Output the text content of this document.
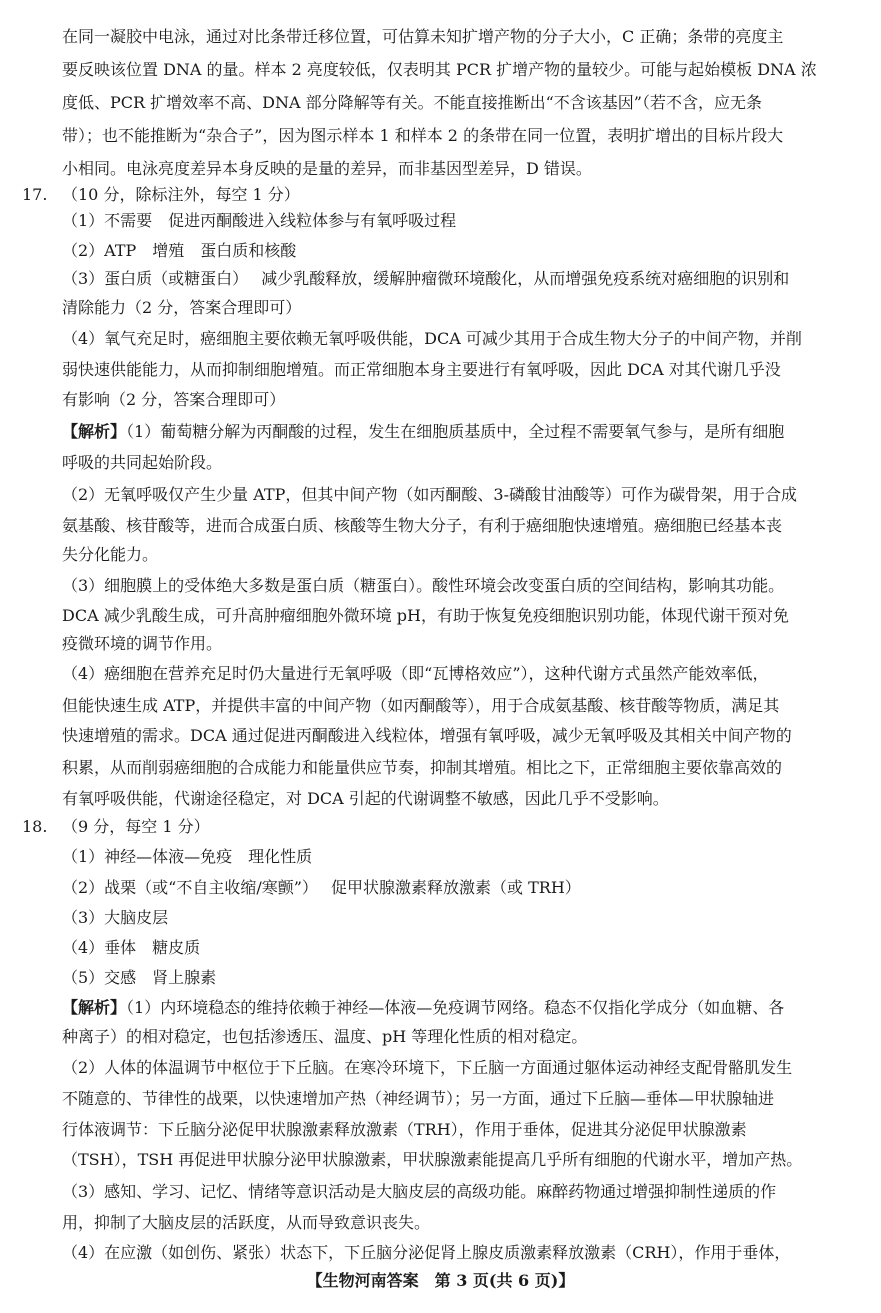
在同一凝胶中电泳，通过对比条带迁移位置，可估算未知扩增产物的分子大小，C 正确；条带的亮度主
要反映该位置 DNA 的量。样本 2 亮度较低，仅表明其 PCR 扩增产物的量较少。可能与起始模板 DNA 浓
度低、PCR 扩增效率不高、DNA 部分降解等有关。不能直接推断出“不含该基因”（若不含，应无条
带）；也不能推断为“杂合子”，因为图示样本 1 和样本 2 的条带在同一位置，表明扩增出的目标片段大
小相同。电泳亮度差异本身反映的是量的差异，而非基因型差异，D 错误。
17. （10 分，除标注外，每空 1 分）
（1）不需要　促进丙酮酸进入线粒体参与有氧呼吸过程
（2）ATP　增殖　蛋白质和核酸
（3）蛋白质（或糖蛋白）　 减少乳酸释放，缓解肿瘤微环境酸化，从而增强免疫系统对癌细胞的识别和
清除能力（2 分，答案合理即可）
（4）氧气充足时，癌细胞主要依赖无氧呼吸供能，DCA 可减少其用于合成生物大分子的中间产物，并削
弱快速供能能力，从而抑制细胞增殖。而正常细胞本身主要进行有氧呼吸，因此 DCA 对其代谢几乎没
有影响（2 分，答案合理即可）
【解析】（1）葡萄糖分解为丙酮酸的过程，发生在细胞质基质中，全过程不需要氧气参与，是所有细胞
呼吸的共同起始阶段。
（2）无氧呼吸仅产生少量 ATP，但其中间产物（如丙酮酸、3-磷酸甘油酸等）可作为碳骨架，用于合成
氨基酸、核苷酸等，进而合成蛋白质、核酸等生物大分子，有利于癌细胞快速增殖。癌细胞已经基本丧
失分化能力。
（3）细胞膜上的受体绝大多数是蛋白质（糖蛋白）。酸性环境会改变蛋白质的空间结构，影响其功能。
DCA 减少乳酸生成，可升高肿瘤细胞外微环境 pH，有助于恢复免疫细胞识别功能，体现代谢干预对免
疫微环境的调节作用。
（4）癌细胞在营养充足时仍大量进行无氧呼吸（即“瓦博格效应”），这种代谢方式虽然产能效率低，
但能快速生成 ATP，并提供丰富的中间产物（如丙酮酸等），用于合成氨基酸、核苷酸等物质，满足其
快速增殖的需求。DCA 通过促进丙酮酸进入线粒体，增强有氧呼吸，减少无氧呼吸及其相关中间产物的
积累，从而削弱癌细胞的合成能力和能量供应节奏，抑制其增殖。相比之下，正常细胞主要依靠高效的
有氧呼吸供能，代谢途径稳定，对 DCA 引起的代谢调整不敏感，因此几乎不受影响。
18. （9 分，每空 1 分）
（1）神经—体液—免疫　理化性质
（2）战栗（或“不自主收缩/寒颤”）　 促甲状腺激素释放激素（或 TRH）
（3）大脑皮层
（4）垂体　糖皮质
（5）交感　肾上腺素
【解析】（1）内环境稳态的维持依赖于神经—体液—免疫调节网络。稳态不仅指化学成分（如血糖、各
种离子）的相对稳定，也包括渗透压、温度、pH 等理化性质的相对稳定。
（2）人体的体温调节中枢位于下丘脑。在寒冷环境下，下丘脑一方面通过躯体运动神经支配骨骼肌发生
不随意的、节律性的战栗，以快速增加产热（神经调节）；另一方面，通过下丘脑—垂体—甲状腺轴进
行体液调节：下丘脑分泌促甲状腺激素释放激素（TRH），作用于垂体，促进其分泌促甲状腺激素
（TSH），TSH 再促进甲状腺分泌甲状腺激素，甲状腺激素能提高几乎所有细胞的代谢水平，增加产热。
（3）感知、学习、记忆、情绪等意识活动是大脑皮层的高级功能。麻醉药物通过增强抑制性递质的作
用，抑制了大脑皮层的活跃度，从而导致意识丧失。
（4）在应激（如创伤、紧张）状态下，下丘脑分泌促肾上腺皮质激素释放激素（CRH），作用于垂体，
【生物河南答案　第 3 页(共 6 页)】
